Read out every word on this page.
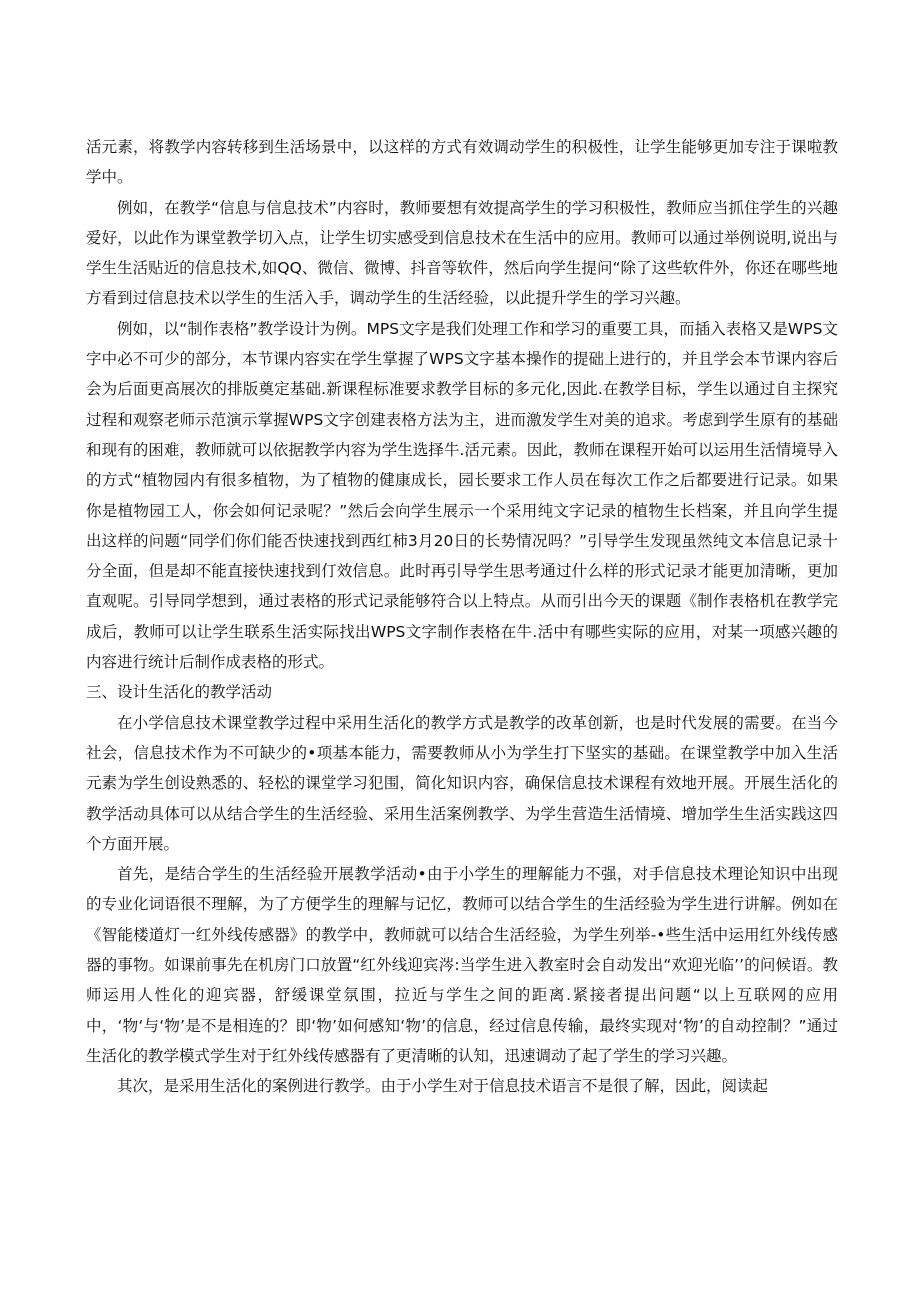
活元素，将教学内容转移到生活场景中，以这样的方式有效调动学生的积极性，让学生能够更加专注于课啦教学中。

例如，在教学“信息与信息技术”内容时，教师要想有效提高学生的学习积极性，教师应当抓住学生的兴趣爱好，以此作为课堂教学切入点，让学生切实感受到信息技术在生活中的应用。教师可以通过举例说明,说出与学生生活贴近的信息技术,如QQ、微信、微博、抖音等软件，然后向学生提问“除了这些软件外，你还在哪些地方看到过信息技术以学生的生活入手，调动学生的生活经验，以此提升学生的学习兴趣。

例如，以“制作表格”教学设计为例。MPS文字是我们处理工作和学习的重要工具，而插入表格又是WPS文字中必不可少的部分，本节课内容实在学生掌握了WPS文字基本操作的提础上进行的，并且学会本节课内容后会为后面更高展次的排版奠定基础.新课程标准要求教学目标的多元化,因此.在教学目标，学生以通过自主探究过程和观察老师示范演示掌握WPS文字创建表格方法为主，进而激发学生对美的追求。考虑到学生原有的基础和现有的困难，教师就可以依据教学内容为学生选择牛.活元素。因此，教师在课程开始可以运用生活情境导入的方式“植物园内有很多植物，为了植物的健康成长，园长要求工作人员在每次工作之后都要进行记录。如果你是植物园工人，你会如何记录呢？”然后会向学生展示一个采用纯文字记录的植物生长档案，并且向学生提出这样的问题“同学们你们能否快速找到西红柿3月20日的长势情况吗？”引导学生发现虽然纯文本信息记录十分全面，但是却不能直接快速找到仃效信息。此时再引导学生思考通过什么样的形式记录才能更加清晰，更加直观呢。引导同学想到，通过表格的形式记录能够符合以上特点。从而引出今天的课题《制作表格机在教学完成后，教师可以让学生联系生活实际找出WPS文字制作表格在牛.活中有哪些实际的应用，对某一项感兴趣的内容进行统计后制作成表格的形式。

三、设计生活化的教学活动

在小学信息技术课堂教学过程中采用生活化的教学方式是教学的改革创新，也是时代发展的需要。在当今社会，信息技术作为不可缺少的•项基本能力，需要教师从小为学生打下坚实的基础。在课堂教学中加入生活元素为学生创设熟悉的、轻松的课堂学习犯围，简化知识内容，确保信息技术课程有效地开展。开展生活化的教学活动具体可以从结合学生的生活经验、采用生活案例教学、为学生营造生活情境、增加学生生活实践这四个方面开展。

首先，是结合学生的生活经验开展教学活动•由于小学生的理解能力不强，对手信息技术理论知识中出现的专业化词语很不理解，为了方便学生的理解与记忆，教师可以结合学生的生活经验为学生进行讲解。例如在《智能楼道灯一红外线传感器》的教学中，教师就可以结合生活经验，为学生列举-•些生活中运用红外线传感器的事物。如课前事先在机房门口放置“红外线迎宾涔:当学生进入教室时会自动发出“欢迎光临’’的问候语。教师运用人性化的迎宾器，舒缓课堂氛围，拉近与学生之间的距离.紧接者提出问题“以上互联网的应用中，‘物‘与‘物’是不是相连的？即‘物’如何感知‘物’的信息，经过信息传输，最终实现对‘物’的自动控制？”通过生活化的教学模式学生对于红外线传感器有了更清晰的认知，迅速调动了起了学生的学习兴趣。

其次，是采用生活化的案例进行教学。由于小学生对于信息技术语言不是很了解，因此，阅读起
